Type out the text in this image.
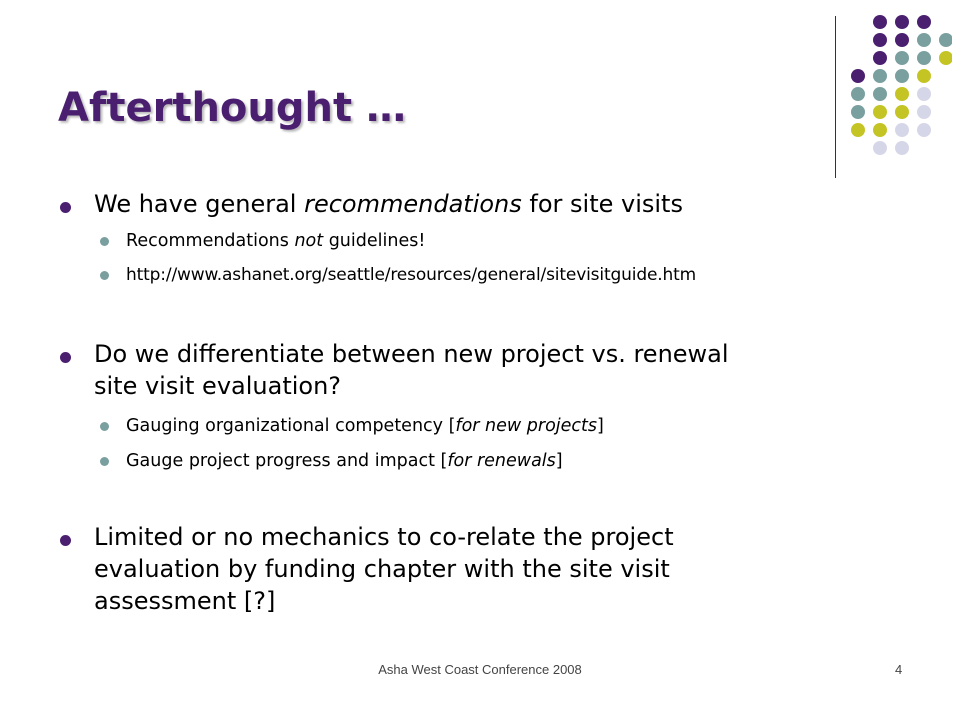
Afterthought …
We have general recommendations for site visits
Recommendations not guidelines!
http://www.ashanet.org/seattle/resources/general/sitevisitguide.htm
Do we differentiate between new project vs. renewal
site visit evaluation?
Gauging organizational competency [for new projects]
Gauge project progress and impact [for renewals]
Limited or no mechanics to co-relate the project
evaluation by funding chapter with the site visit
assessment [?]
Asha West Coast Conference 2008	4
